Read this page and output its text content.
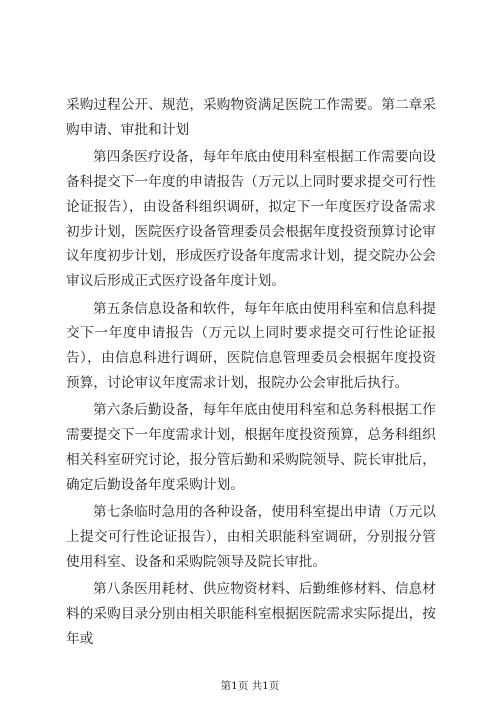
采购过程公开、规范，采购物资满足医院工作需要。第二章采购申请、审批和计划

第四条医疗设备，每年年底由使用科室根据工作需要向设备科提交下一年度的申请报告（万元以上同时要求提交可行性论证报告），由设备科组织调研，拟定下一年度医疗设备需求初步计划，医院医疗设备管理委员会根据年度投资预算讨论审议年度初步计划，形成医疗设备年度需求计划，提交院办公会审议后形成正式医疗设备年度计划。

第五条信息设备和软件，每年年底由使用科室和信息科提交下一年度申请报告（万元以上同时要求提交可行性论证报告），由信息科进行调研，医院信息管理委员会根据年度投资预算，讨论审议年度需求计划，报院办公会审批后执行。

第六条后勤设备，每年年底由使用科室和总务科根据工作需要提交下一年度需求计划，根据年度投资预算，总务科组织相关科室研究讨论，报分管后勤和采购院领导、院长审批后，确定后勤设备年度采购计划。

第七条临时急用的各种设备，使用科室提出申请（万元以上提交可行性论证报告），由相关职能科室调研，分别报分管使用科室、设备和采购院领导及院长审批。

第八条医用耗材、供应物资材料、后勤维修材料、信息材料的采购目录分别由相关职能科室根据医院需求实际提出，按年或

第1页 共1页
